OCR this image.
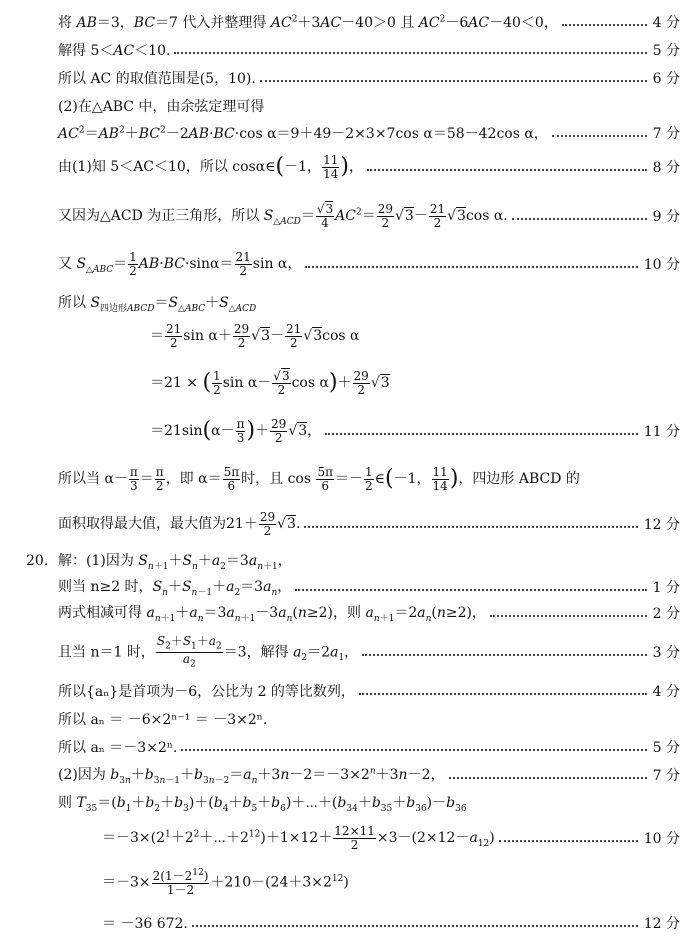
将 AB＝3，BC＝7 代入并整理得 $AC^2+3AC-40>0$ 且 $AC^2-6AC-40<0$，	4 分
解得 5＜AC＜10.	5 分
所以 AC 的取值范围是(5，10).	6 分
(2)在△ABC 中，由余弦定理可得
$AC^2=AB^2+BC^2-2AB\cdot BC\cdot\cos$ α＝9＋49－2×3×7cos α＝58－42cos α，	7 分
由(1)知 5＜AC＜10，所以 cosα∈(－1， $\frac{11}{14}$ )，	8 分
又因为△ACD 为正三角形，所以 $S_{\triangle ACD}= \frac{√3}{4} AC^2= \frac{29}{2} √3- \frac{21}{2} √3\cos$ α.	9 分
又 $S_{\triangle ABC}= \frac{1}{2} AB\cdot BC\cdot\sin\alpha= \frac{21}{2}$ sin α，	10 分
所以 $S_{四边形ABCD}=S_{\triangle ABC}+S_{\triangle ACD}$
＝ $\frac{21}{2}$ $\sin \alpha+ \frac{29}{2} √3- \frac{21}{2} √3\cos$ α
＝21 × ( $\frac{1}{2}$ $\sin \alpha- \frac{√3}{2}$ $\cos \alpha)+ \frac{29}{2} √3$
$=21\sin(\alpha- \frac{\pi}{3}$ )＋ $\frac{29}{2} √3$，	11 分
所以当 $\alpha- \frac{\pi}{3} = \frac{\pi}{2}$ ，即 $\alpha= \frac{5\pi}{6}$ 时，且 $\cos \frac{5\pi}{6} =- \frac{1}{2}$ ∈(－1， $\frac{11}{14}$ )，四边形 ABCD 的
面积取得最大值，最大值为$21+ \frac{29}{2} √3$.	12 分
20. 解：(1)因为 $S_{n+1}+S_n+a_2=3a_{n+1}$，
则当 n≥2 时，$S_n+S_{n-1}+a_2=3a_n$，	1 分
两式相减可得 $a_{n+1}+a_n=3a_{n+1}-3a_n(n\ge 2)$，则 $a_{n+1}=2a_n(n\ge 2)$，	2 分
且当 n＝1 时， $\frac{S_2+S_1+a_2}{a_2} =3$，解得 $a_2=2a_1$，	3 分
所以{aₙ}是首项为－6，公比为 2 的等比数列，	4 分
所以 aₙ ＝ －6×2ⁿ⁻¹ ＝ －3×2ⁿ.
所以 aₙ ＝－3×2ⁿ.	5 分
(2)因为 $b_{3n}+b_{3n-1}+b_{3n-2}=a_n+3n-2=-3\times 2^n+3n-2$，	7 分
则 $T_{35}=(b_1+b_2+b_3)+(b_4+b_5+b_6)+\cdots+(b_{34}+b_{35}+b_{36})-b_{36}$
$=-3\times(2^1+2^2+\cdots+2^{12})+1\times 12+ \frac{12\times 11}{2} \times 3-(2\times 12-a_{12})$	10 分
$=-3\times \frac{2(1-2^{12})}{1-2} +210-(24+3\times 2^{12})$
＝ －36 672.	12 分
